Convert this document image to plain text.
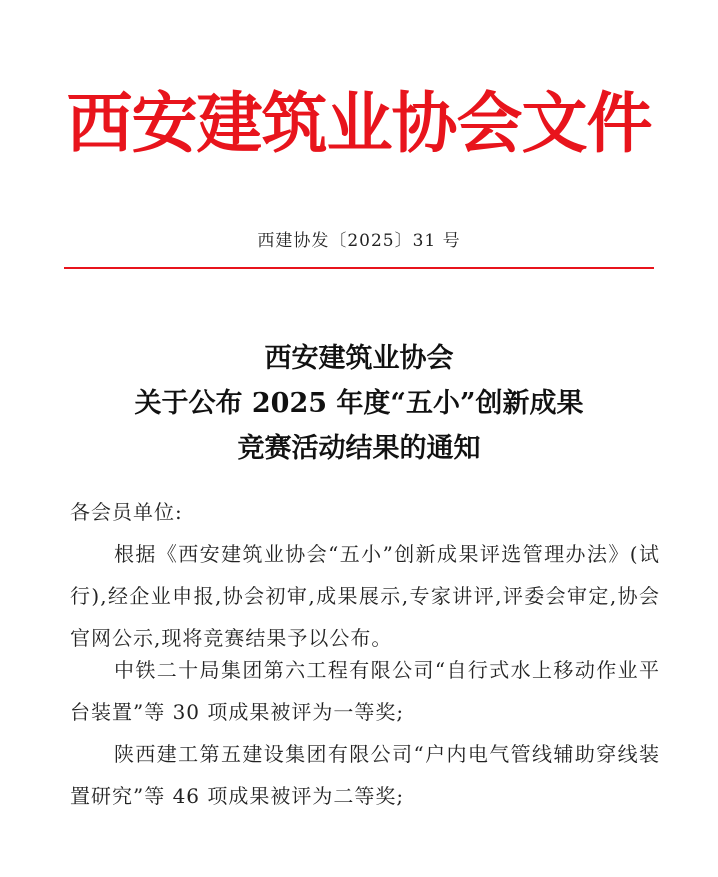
西安建筑业协会文件
西建协发〔2025〕31 号
西安建筑业协会
关于公布 2025 年度“五小”创新成果
竞赛活动结果的通知
各会员单位:
根据《西安建筑业协会“五小”创新成果评选管理办法》(试行),经企业申报,协会初审,成果展示,专家讲评,评委会审定,协会官网公示,现将竞赛结果予以公布。
中铁二十局集团第六工程有限公司“自行式水上移动作业平台装置”等 30 项成果被评为一等奖;
陕西建工第五建设集团有限公司“户内电气管线辅助穿线装置研究”等 46 项成果被评为二等奖;
